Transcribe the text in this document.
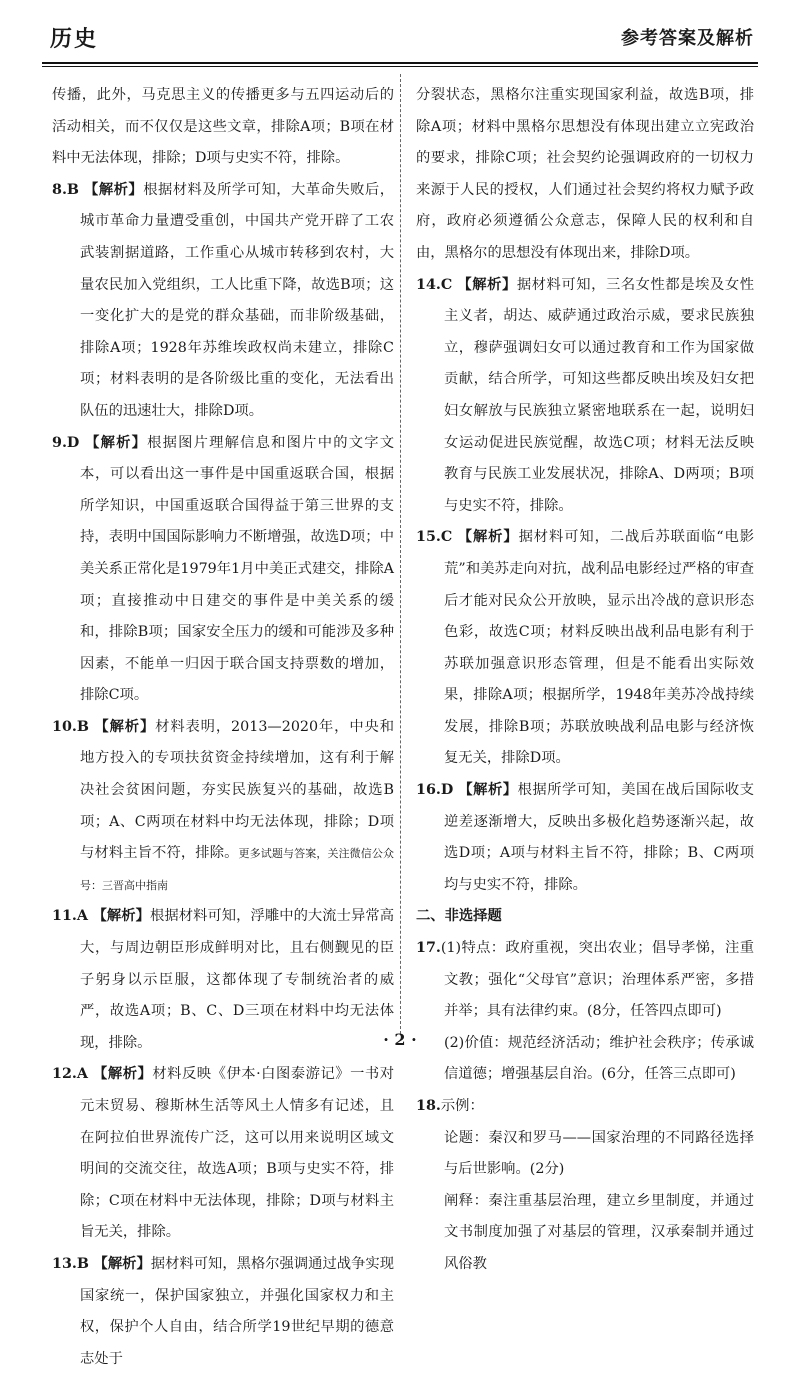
历史	参考答案及解析

传播，此外，马克思主义的传播更多与五四运动后的活动相关，而不仅仅是这些文章，排除A项；B项在材料中无法体现，排除；D项与史实不符，排除。

8.B 【解析】根据材料及所学可知，大革命失败后，城市革命力量遭受重创，中国共产党开辟了工农武装割据道路，工作重心从城市转移到农村，大量农民加入党组织，工人比重下降，故选B项；这一变化扩大的是党的群众基础，而非阶级基础，排除A项；1928年苏维埃政权尚未建立，排除C项；材料表明的是各阶级比重的变化，无法看出队伍的迅速壮大，排除D项。

9.D 【解析】根据图片理解信息和图片中的文字文本，可以看出这一事件是中国重返联合国，根据所学知识，中国重返联合国得益于第三世界的支持，表明中国国际影响力不断增强，故选D项；中美关系正常化是1979年1月中美正式建交，排除A项；直接推动中日建交的事件是中美关系的缓和，排除B项；国家安全压力的缓和可能涉及多种因素，不能单一归因于联合国支持票数的增加，排除C项。

10.B 【解析】材料表明，2013—2020年，中央和地方投入的专项扶贫资金持续增加，这有利于解决社会贫困问题，夯实民族复兴的基础，故选B项；A、C两项在材料中均无法体现，排除；D项与材料主旨不符，排除。更多试题与答案，关注微信公众号：三晋高中指南

11.A 【解析】根据材料可知，浮雕中的大流士异常高大，与周边朝臣形成鲜明对比，且右侧觐见的臣子躬身以示臣服，这都体现了专制统治者的威严，故选A项；B、C、D三项在材料中均无法体现，排除。

12.A 【解析】材料反映《伊本·白图泰游记》一书对元末贸易、穆斯林生活等风土人情多有记述，且在阿拉伯世界流传广泛，这可以用来说明区域文明间的交流交往，故选A项；B项与史实不符，排除；C项在材料中无法体现，排除；D项与材料主旨无关，排除。

13.B 【解析】据材料可知，黑格尔强调通过战争实现国家统一，保护国家独立，并强化国家权力和主权，保护个人自由，结合所学19世纪早期的德意志处于

分裂状态，黑格尔注重实现国家利益，故选B项，排除A项；材料中黑格尔思想没有体现出建立立宪政治的要求，排除C项；社会契约论强调政府的一切权力来源于人民的授权，人们通过社会契约将权力赋予政府，政府必须遵循公众意志，保障人民的权利和自由，黑格尔的思想没有体现出来，排除D项。

14.C 【解析】据材料可知，三名女性都是埃及女性主义者，胡达、威萨通过政治示威，要求民族独立，穆萨强调妇女可以通过教育和工作为国家做贡献，结合所学，可知这些都反映出埃及妇女把妇女解放与民族独立紧密地联系在一起，说明妇女运动促进民族觉醒，故选C项；材料无法反映教育与民族工业发展状况，排除A、D两项；B项与史实不符，排除。

15.C 【解析】据材料可知，二战后苏联面临“电影荒”和美苏走向对抗，战利品电影经过严格的审查后才能对民众公开放映，显示出冷战的意识形态色彩，故选C项；材料反映出战利品电影有利于苏联加强意识形态管理，但是不能看出实际效果，排除A项；根据所学，1948年美苏冷战持续发展，排除B项；苏联放映战利品电影与经济恢复无关，排除D项。

16.D 【解析】根据所学可知，美国在战后国际收支逆差逐渐增大，反映出多极化趋势逐渐兴起，故选D项；A项与材料主旨不符，排除；B、C两项均与史实不符，排除。

二、非选择题

17.(1)特点：政府重视，突出农业；倡导孝悌，注重文教；强化“父母官”意识；治理体系严密，多措并举；具有法律约束。(8分，任答四点即可)

(2)价值：规范经济活动；维护社会秩序；传承诚信道德；增强基层自治。(6分，任答三点即可)

18.示例：

论题：秦汉和罗马——国家治理的不同路径选择与后世影响。(2分)

阐释：秦注重基层治理，建立乡里制度，并通过文书制度加强了对基层的管理，汉承秦制并通过风俗教

· 2 ·
